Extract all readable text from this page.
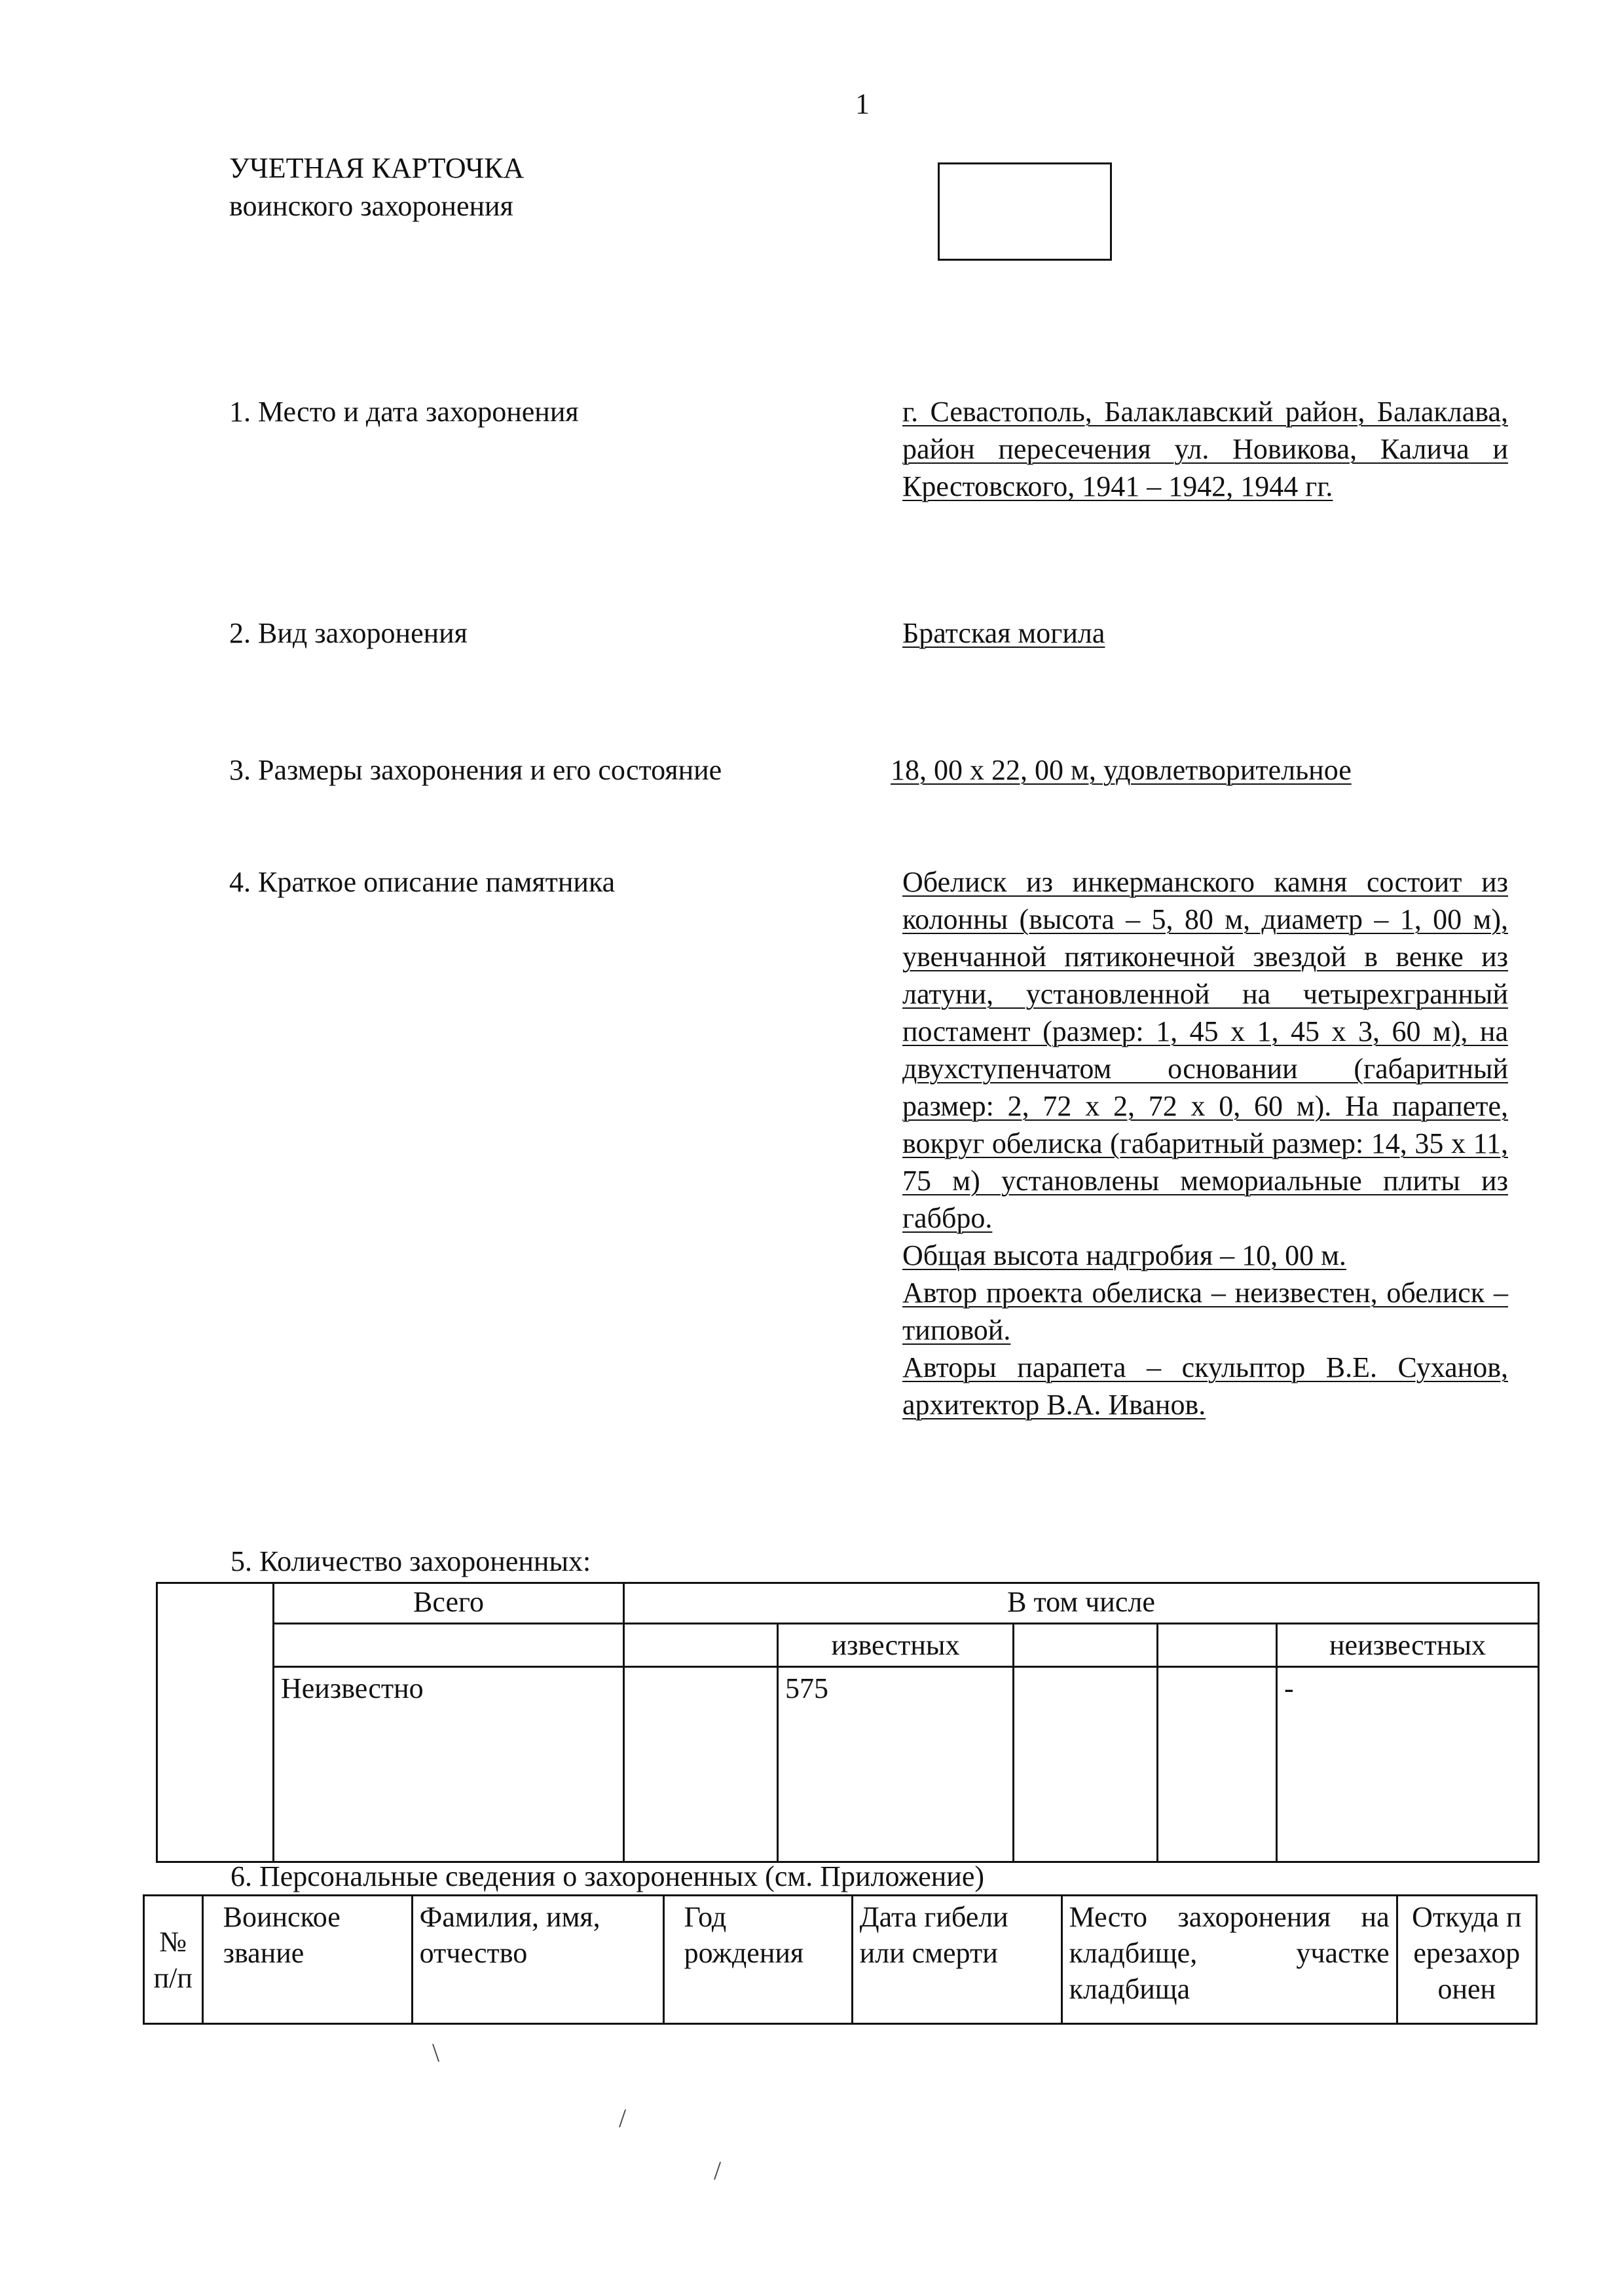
1
УЧЕТНАЯ КАРТОЧКА
воинского захоронения
1. Место и дата захоронения	г. Севастополь, Балаклавский район, Балаклава, район пересечения ул. Новикова, Калича и Крестовского, 1941 – 1942, 1944 гг.
2. Вид захоронения	Братская могила
3. Размеры захоронения и его состояние	18, 00 х 22, 00 м, удовлетворительное
4. Краткое описание памятника	Обелиск из инкерманского камня состоит из колонны (высота – 5, 80 м, диаметр – 1, 00 м), увенчанной пятиконечной звездой в венке из латуни, установленной на четырехгранный постамент (размер: 1, 45 х 1, 45 х 3, 60 м), на двухступенчатом основании (габаритный размер: 2, 72 х 2, 72 х 0, 60 м). На парапете, вокруг обелиска (габаритный размер: 14, 35 х 11, 75 м) установлены мемориальные плиты из габбро.

Общая высота надгробия – 10, 00 м.

Автор проекта обелиска – неизвестен, обелиск – типовой.

Авторы парапета – скульптор В.Е. Суханов, архитектор В.А. Иванов.

5. Количество захороненных:
	Всего	В том числе				
			известных			неизвестных
	Неизвестно		575			-
6. Персональные сведения о захороненных (см. Приложение)
№ п/п	Воинское звание	Фамилия, имя, отчество	Год рождения	Дата гибели или смерти	Место захоронения на кладбище, участке кладбища	Откуда перезахоронен
\
/
/
